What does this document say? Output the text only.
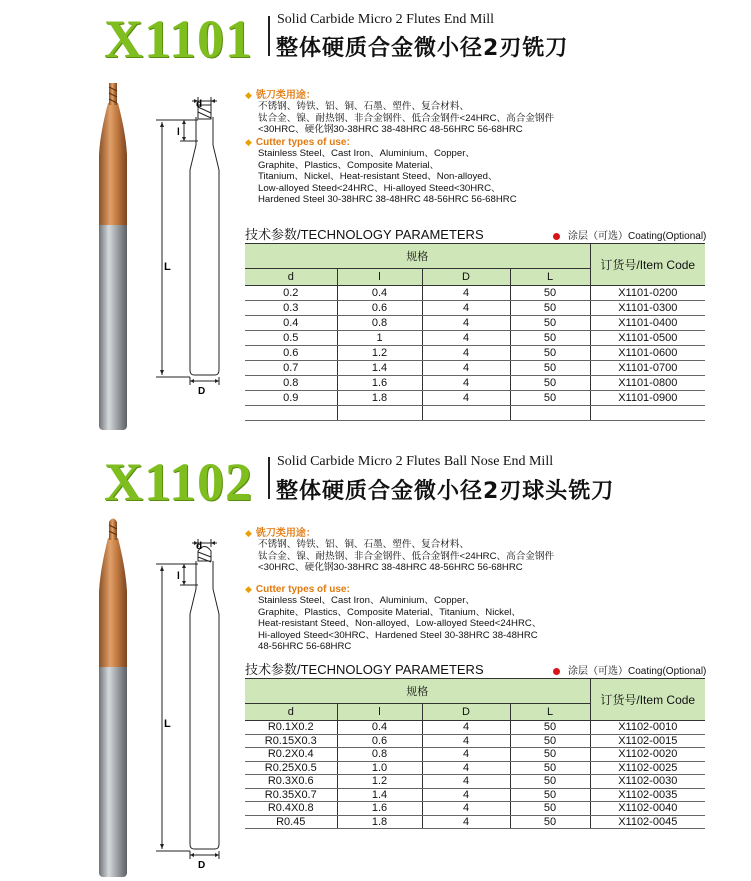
X1101 Solid Carbide Micro 2 Flutes End Mill
整体硬质合金微小径2刃铣刀
d
l
L
D
◆ 铣刀类用途：
不锈钢、铸铁、铝、铜、石墨、塑件、复合材料、
钛合金、镍、耐热钢、非合金钢件、低合金钢件<24HRC、高合金钢件
<30HRC、硬化钢30-38HRC 38-48HRC 48-56HRC 56-68HRC
◆ Cutter types of use:
Stainless Steel、Cast Iron、Aluminium、Copper、
Graphite、Plastics、Composite Material、
Titanium、Nickel、Heat-resistant Steed、Non-alloyed、
Low-alloyed Steed<24HRC、Hi-alloyed Steed<30HRC、
Hardened Steel 30-38HRC 38-48HRC 48-56HRC 56-68HRC
技术参数/TECHNOLOGY PARAMETERS	涂层（可选）Coating(Optional)
规格				订货号/Item Code
d	l	D	L	
0.2	0.4	4	50	X1101-0200
0.3	0.6	4	50	X1101-0300
0.4	0.8	4	50	X1101-0400
0.5	1	4	50	X1101-0500
0.6	1.2	4	50	X1101-0600
0.7	1.4	4	50	X1101-0700
0.8	1.6	4	50	X1101-0800
0.9	1.8	4	50	X1101-0900

X1102 Solid Carbide Micro 2 Flutes Ball Nose End Mill
整体硬质合金微小径2刃球头铣刀
d
l
L
D
◆ 铣刀类用途：
不锈钢、铸铁、铝、铜、石墨、塑件、复合材料、
钛合金、镍、耐热钢、非合金钢件、低合金钢件<24HRC、高合金钢件
<30HRC、硬化钢30-38HRC 38-48HRC 48-56HRC 56-68HRC
◆ Cutter types of use:
Stainless Steel、Cast Iron、Aluminium、Copper、
Graphite、Plastics、Composite Material、Titanium、Nickel、
Heat-resistant Steed、Non-alloyed、Low-alloyed Steed<24HRC、
Hi-alloyed Steed<30HRC、Hardened Steel 30-38HRC 38-48HRC
48-56HRC 56-68HRC
技术参数/TECHNOLOGY PARAMETERS	涂层（可选）Coating(Optional)
规格				订货号/Item Code
d	l	D	L	
R0.1X0.2	0.4	4	50	X1102-0010
R0.15X0.3	0.6	4	50	X1102-0015
R0.2X0.4	0.8	4	50	X1102-0020
R0.25X0.5	1.0	4	50	X1102-0025
R0.3X0.6	1.2	4	50	X1102-0030
R0.35X0.7	1.4	4	50	X1102-0035
R0.4X0.8	1.6	4	50	X1102-0040
R0.45	1.8	4	50	X1102-0045
